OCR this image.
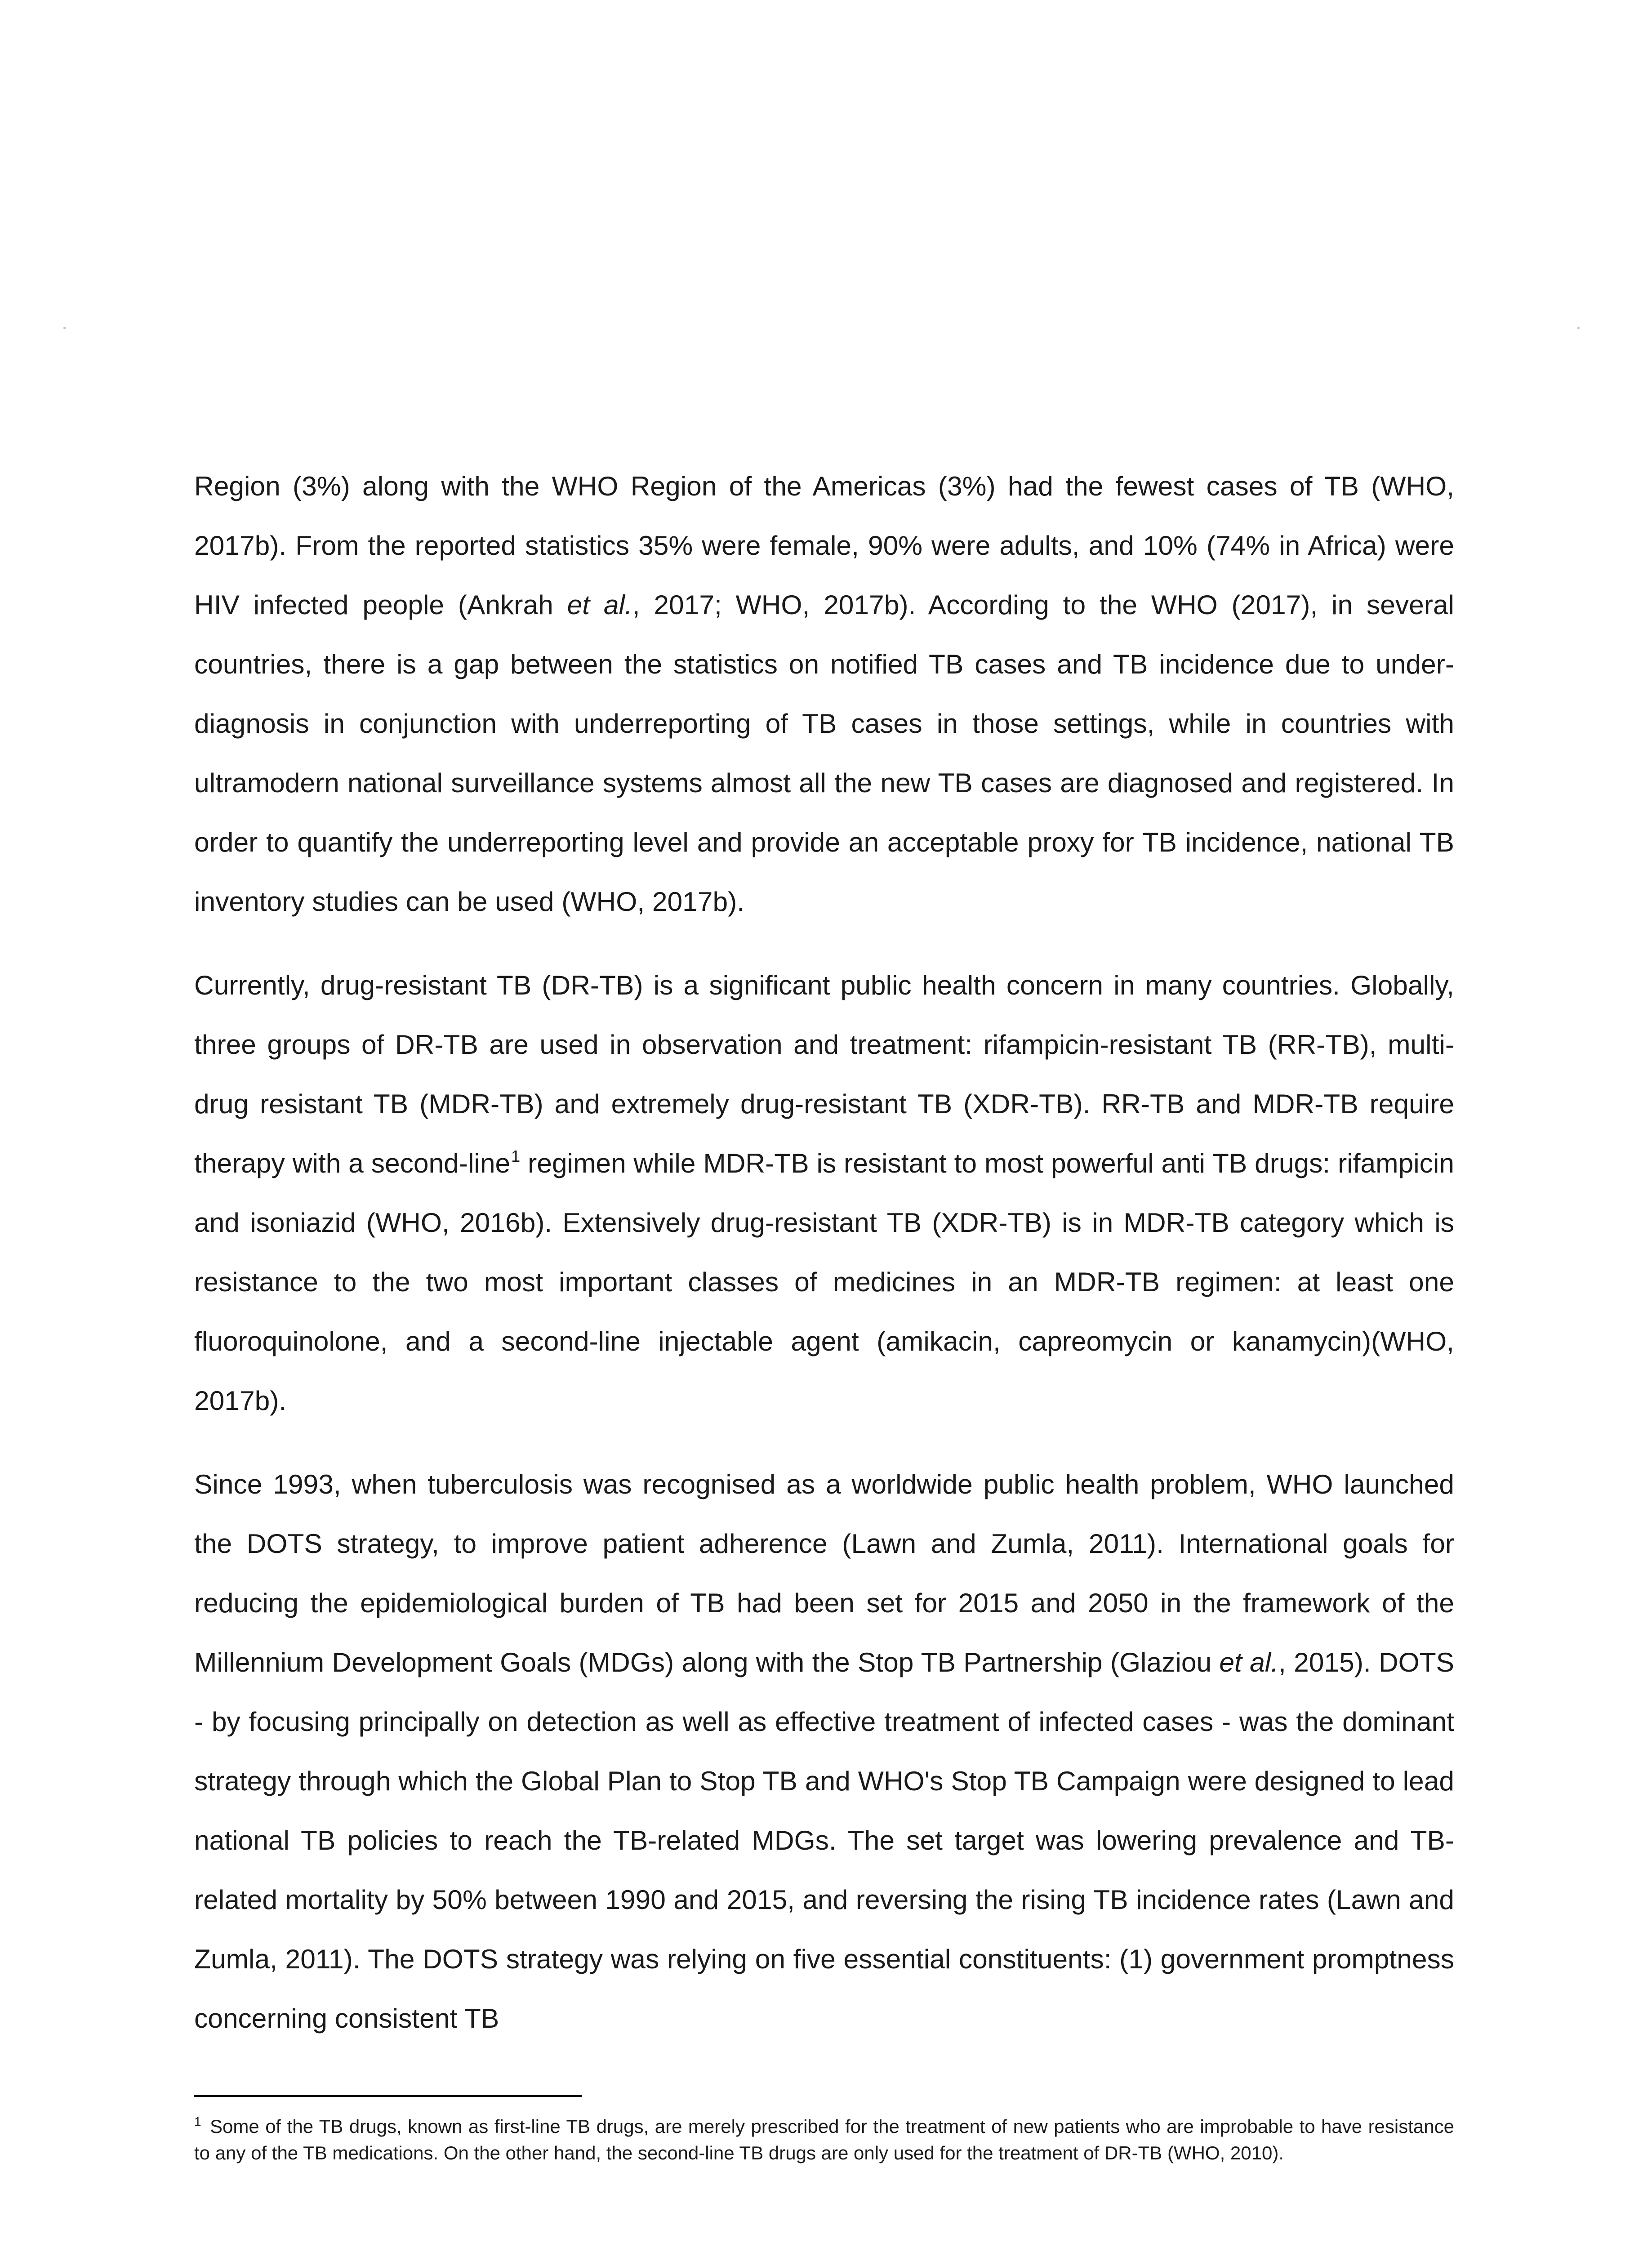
Region (3%) along with the WHO Region of the Americas (3%) had the fewest cases of TB (WHO, 2017b). From the reported statistics 35% were female, 90% were adults, and 10% (74% in Africa) were HIV infected people (Ankrah et al., 2017; WHO, 2017b). According to the WHO (2017), in several countries, there is a gap between the statistics on notified TB cases and TB incidence due to under-diagnosis in conjunction with underreporting of TB cases in those settings, while in countries with ultramodern national surveillance systems almost all the new TB cases are diagnosed and registered. In order to quantify the underreporting level and provide an acceptable proxy for TB incidence, national TB inventory studies can be used (WHO, 2017b).

Currently, drug-resistant TB (DR-TB) is a significant public health concern in many countries. Globally, three groups of DR-TB are used in observation and treatment: rifampicin-resistant TB (RR-TB), multi-drug resistant TB (MDR-TB) and extremely drug-resistant TB (XDR-TB). RR-TB and MDR-TB require therapy with a second-line$^1$ regimen while MDR-TB is resistant to most powerful anti TB drugs: rifampicin and isoniazid (WHO, 2016b). Extensively drug-resistant TB (XDR-TB) is in MDR-TB category which is resistance to the two most important classes of medicines in an MDR-TB regimen: at least one fluoroquinolone, and a second-line injectable agent (amikacin, capreomycin or kanamycin)(WHO, 2017b).

Since 1993, when tuberculosis was recognised as a worldwide public health problem, WHO launched the DOTS strategy, to improve patient adherence (Lawn and Zumla, 2011). International goals for reducing the epidemiological burden of TB had been set for 2015 and 2050 in the framework of the Millennium Development Goals (MDGs) along with the Stop TB Partnership (Glaziou et al., 2015). DOTS - by focusing principally on detection as well as effective treatment of infected cases - was the dominant strategy through which the Global Plan to Stop TB and WHO's Stop TB Campaign were designed to lead national TB policies to reach the TB-related MDGs. The set target was lowering prevalence and TB-related mortality by 50% between 1990 and 2015, and reversing the rising TB incidence rates (Lawn and Zumla, 2011). The DOTS strategy was relying on five essential constituents: (1) government promptness concerning consistent TB

$^1$ Some of the TB drugs, known as first-line TB drugs, are merely prescribed for the treatment of new patients who are improbable to have resistance to any of the TB medications. On the other hand, the second-line TB drugs are only used for the treatment of DR-TB (WHO, 2010).
